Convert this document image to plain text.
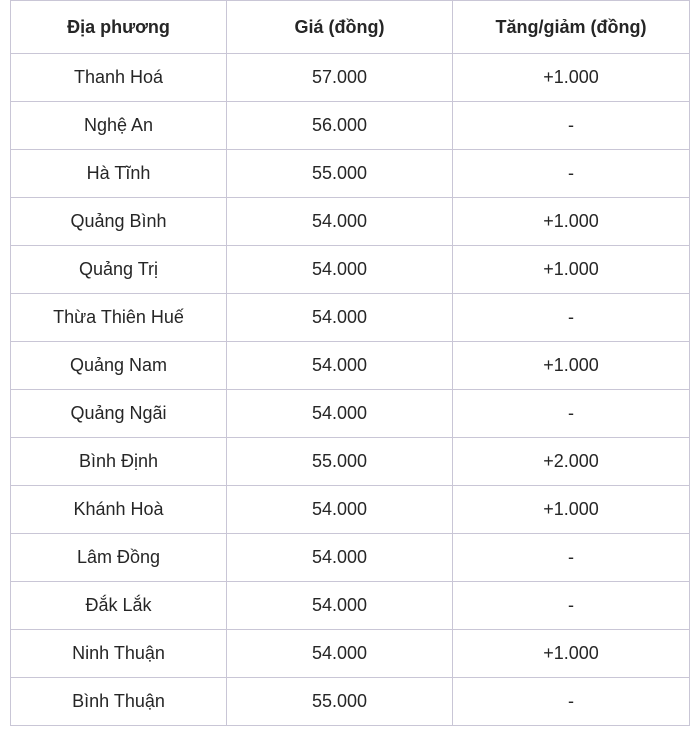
Địa phương	Giá (đồng)	Tăng/giảm (đồng)
Thanh Hoá	57.000	+1.000
Nghệ An	56.000	-
Hà Tĩnh	55.000	-
Quảng Bình	54.000	+1.000
Quảng Trị	54.000	+1.000
Thừa Thiên Huế	54.000	-
Quảng Nam	54.000	+1.000
Quảng Ngãi	54.000	-
Bình Định	55.000	+2.000
Khánh Hoà	54.000	+1.000
Lâm Đồng	54.000	-
Đắk Lắk	54.000	-
Ninh Thuận	54.000	+1.000
Bình Thuận	55.000	-
